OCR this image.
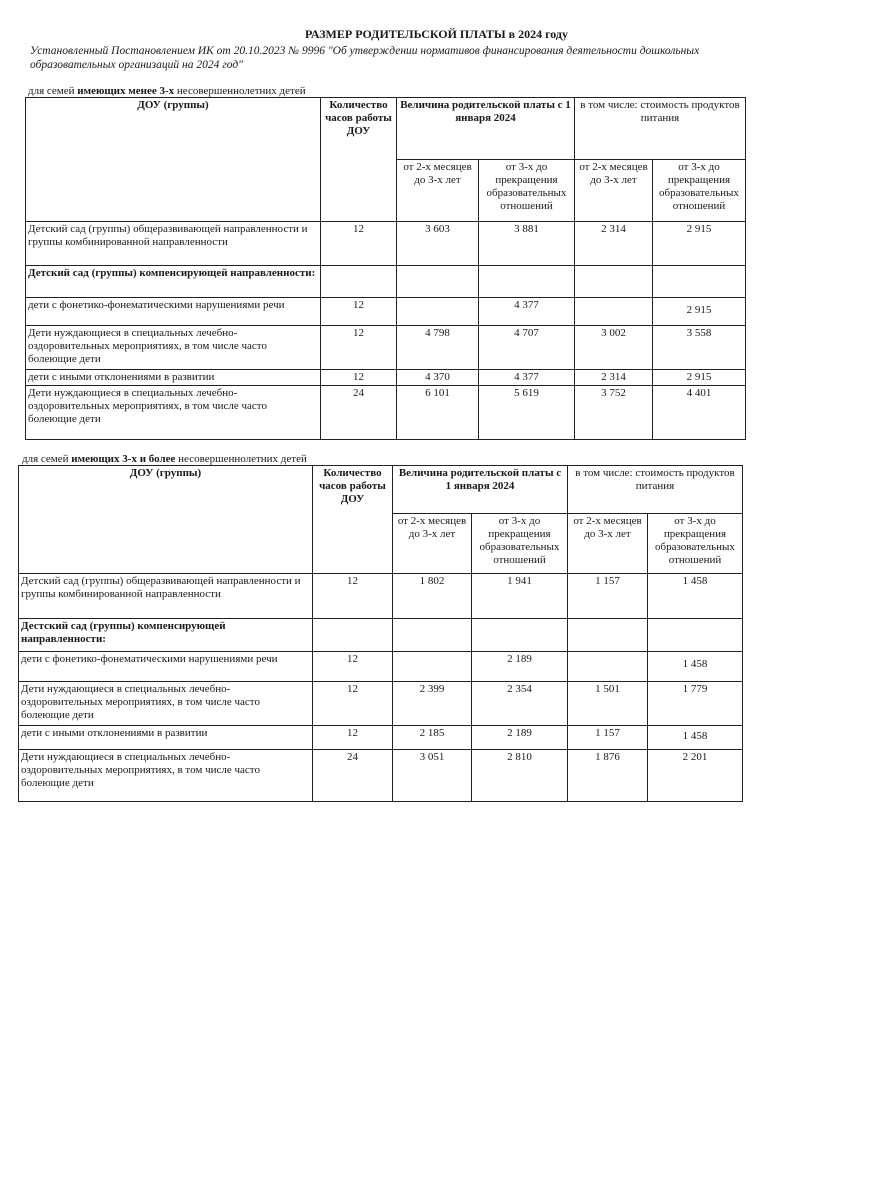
РАЗМЕР РОДИТЕЛЬСКОЙ ПЛАТЫ в 2024 году
Установленный Постановлением ИК от 20.10.2023 № 9996 "Об утверждении нормативов финансирования деятельности дошкольных образовательных организаций на 2024 год"
для семей имеющих менее 3-х несовершеннолетних детей
ДОУ (группы)	Количество часов работы ДОУ	Величина родительской платы с 1 января 2024		в том числе: стоимость продуктов питания	
		от 2-х месяцев до 3-х лет	от 3-х до прекращения образовательных отношений	от 2-х месяцев до 3-х лет	от 3-х до прекращения образовательных отношений
Детский сад (группы) общеразвивающей направленности и группы комбинированной направленности	12	3 603	3 881	2 314	2 915
Детский сад (группы) компенсирующей направленности:					
дети с фонетико-фонематическими нарушениями речи	12		4 377		2 915
Дети нуждающиеся в специальных лечебно-оздоровительных мероприятиях, в том числе часто болеющие дети	12	4 798	4 707	3 002	3 558
дети с иными отклонениями в развитии	12	4 370	4 377	2 314	2 915
Дети нуждающиеся в специальных лечебно-оздоровительных мероприятиях, в том числе часто болеющие дети	24	6 101	5 619	3 752	4 401
для семей имеющих 3-х и более несовершеннолетних детей
ДОУ (группы)	Количество часов работы ДОУ	Величина родительской платы с 1 января 2024		в том числе: стоимость продуктов питания	
		от 2-х месяцев до 3-х лет	от 3-х до прекращения образовательных отношений	от 2-х месяцев до 3-х лет	от 3-х до прекращения образовательных отношений
Детский сад (группы) общеразвивающей направленности и группы комбинированной направленности	12	1 802	1 941	1 157	1 458
Дестский сад (группы) компенсирующей направленности:					
дети с фонетико-фонематическими нарушениями речи	12		2 189		1 458
Дети нуждающиеся в специальных лечебно-оздоровительных мероприятиях, в том числе часто болеющие дети	12	2 399	2 354	1 501	1 779
дети с иными отклонениями в развитии	12	2 185	2 189	1 157	1 458
Дети нуждающиеся в специальных лечебно-оздоровительных мероприятиях, в том числе часто болеющие дети	24	3 051	2 810	1 876	2 201
